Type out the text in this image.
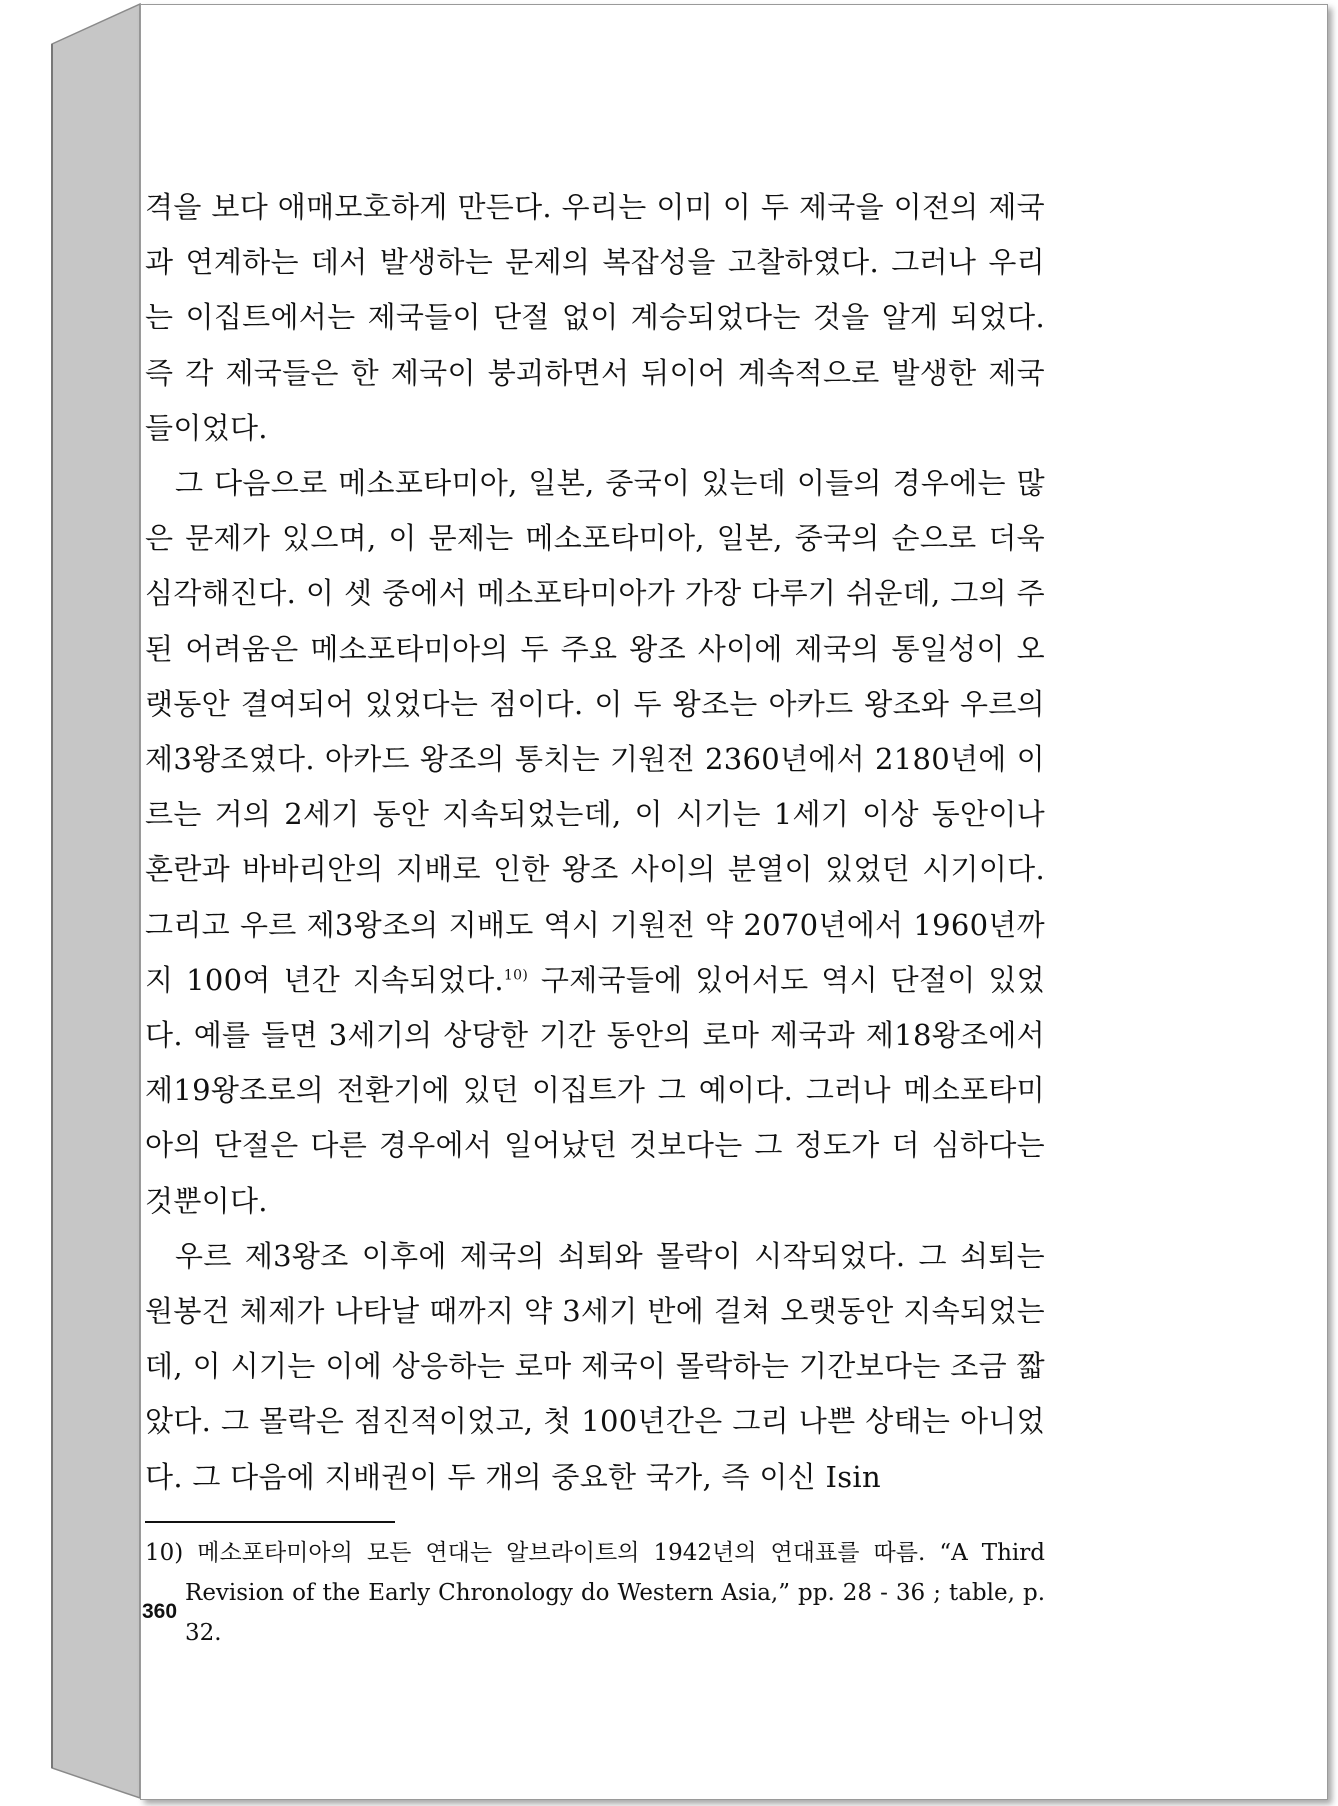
격을 보다 애매모호하게 만든다. 우리는 이미 이 두 제국을 이전의 제국과 연계하는 데서 발생하는 문제의 복잡성을 고찰하였다. 그러나 우리는 이집트에서는 제국들이 단절 없이 계승되었다는 것을 알게 되었다. 즉 각 제국들은 한 제국이 붕괴하면서 뒤이어 계속적으로 발생한 제국들이었다.

그 다음으로 메소포타미아, 일본, 중국이 있는데 이들의 경우에는 많은 문제가 있으며, 이 문제는 메소포타미아, 일본, 중국의 순으로 더욱 심각해진다. 이 셋 중에서 메소포타미아가 가장 다루기 쉬운데, 그의 주된 어려움은 메소포타미아의 두 주요 왕조 사이에 제국의 통일성이 오랫동안 결여되어 있었다는 점이다. 이 두 왕조는 아카드 왕조와 우르의 제3왕조였다. 아카드 왕조의 통치는 기원전 2360년에서 2180년에 이르는 거의 2세기 동안 지속되었는데, 이 시기는 1세기 이상 동안이나 혼란과 바바리안의 지배로 인한 왕조 사이의 분열이 있었던 시기이다. 그리고 우르 제3왕조의 지배도 역시 기원전 약 2070년에서 1960년까지 100여 년간 지속되었다.$^{10)}$ 구제국들에 있어서도 역시 단절이 있었다. 예를 들면 3세기의 상당한 기간 동안의 로마 제국과 제18왕조에서 제19왕조로의 전환기에 있던 이집트가 그 예이다. 그러나 메소포타미아의 단절은 다른 경우에서 일어났던 것보다는 그 정도가 더 심하다는 것뿐이다.

우르 제3왕조 이후에 제국의 쇠퇴와 몰락이 시작되었다. 그 쇠퇴는 원봉건 체제가 나타날 때까지 약 3세기 반에 걸쳐 오랫동안 지속되었는데, 이 시기는 이에 상응하는 로마 제국이 몰락하는 기간보다는 조금 짧았다. 그 몰락은 점진적이었고, 첫 100년간은 그리 나쁜 상태는 아니었다. 그 다음에 지배권이 두 개의 중요한 국가, 즉 이신 Isin

10) 메소포타미아의 모든 연대는 알브라이트의 1942년의 연대표를 따름. “A Third Revision of the Early Chronology do Western Asia,” pp. 28 - 36 ; table, p. 32.

360
